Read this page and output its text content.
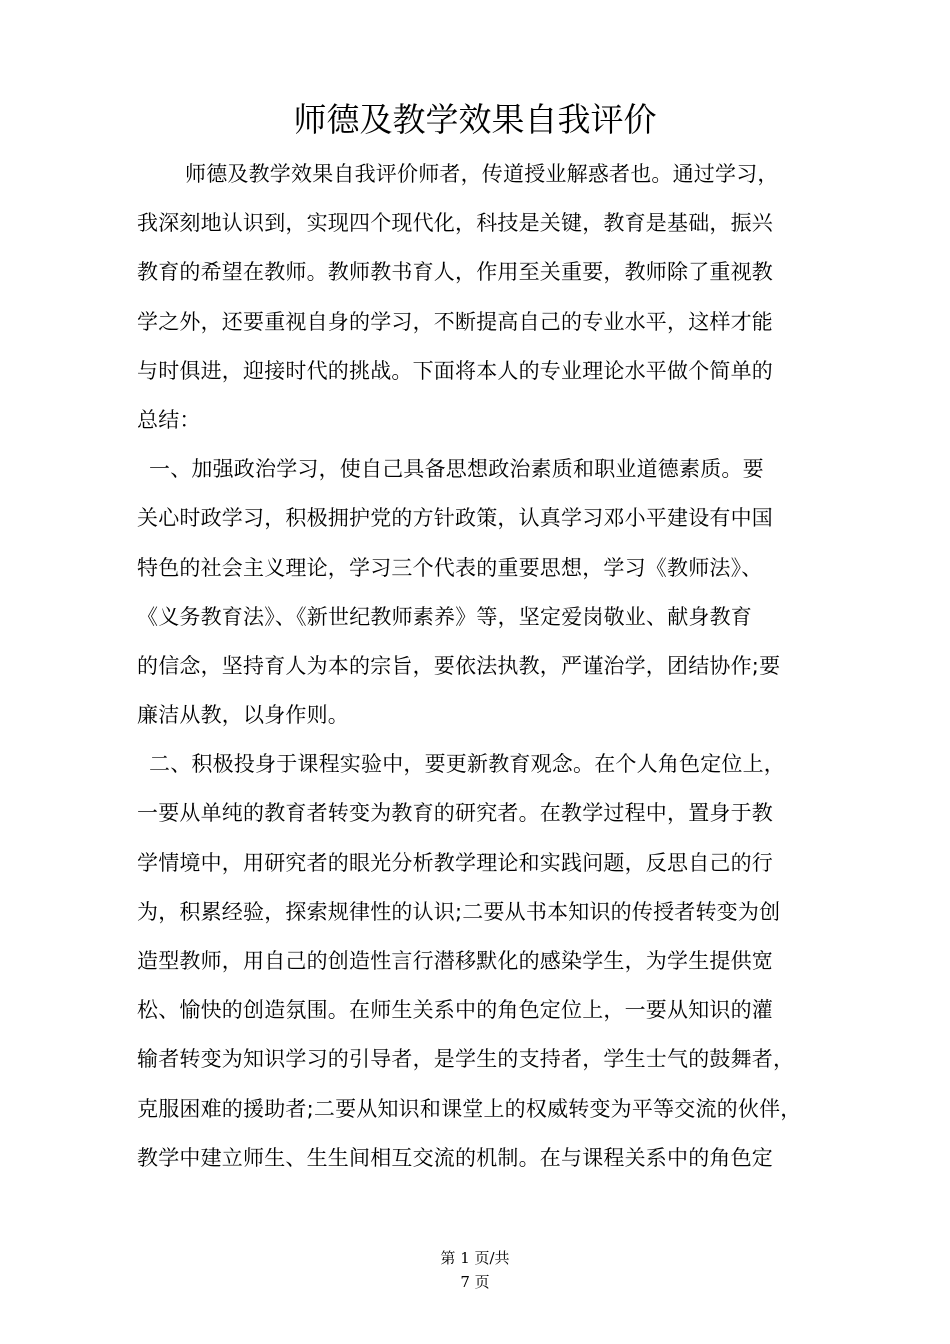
师德及教学效果自我评价
师德及教学效果自我评价师者，传道授业解惑者也。通过学习，
我深刻地认识到，实现四个现代化，科技是关键，教育是基础，振兴
教育的希望在教师。教师教书育人，作用至关重要，教师除了重视教
学之外，还要重视自身的学习，不断提高自己的专业水平，这样才能
与时俱进，迎接时代的挑战。下面将本人的专业理论水平做个简单的
总结：
一、加强政治学习，使自己具备思想政治素质和职业道德素质。要
关心时政学习，积极拥护党的方针政策，认真学习邓小平建设有中国
特色的社会主义理论，学习三个代表的重要思想，学习《教师法》、
《义务教育法》、《新世纪教师素养》等，坚定爱岗敬业、献身教育
的信念，坚持育人为本的宗旨，要依法执教，严谨治学，团结协作;要
廉洁从教，以身作则。
二、积极投身于课程实验中，要更新教育观念。在个人角色定位上，
一要从单纯的教育者转变为教育的研究者。在教学过程中，置身于教
学情境中，用研究者的眼光分析教学理论和实践问题，反思自己的行
为，积累经验，探索规律性的认识;二要从书本知识的传授者转变为创
造型教师，用自己的创造性言行潜移默化的感染学生，为学生提供宽
松、愉快的创造氛围。在师生关系中的角色定位上，一要从知识的灌
输者转变为知识学习的引导者，是学生的支持者，学生士气的鼓舞者，
克服困难的援助者;二要从知识和课堂上的权威转变为平等交流的伙伴，
教学中建立师生、生生间相互交流的机制。在与课程关系中的角色定
第 1 页/共
7 页
